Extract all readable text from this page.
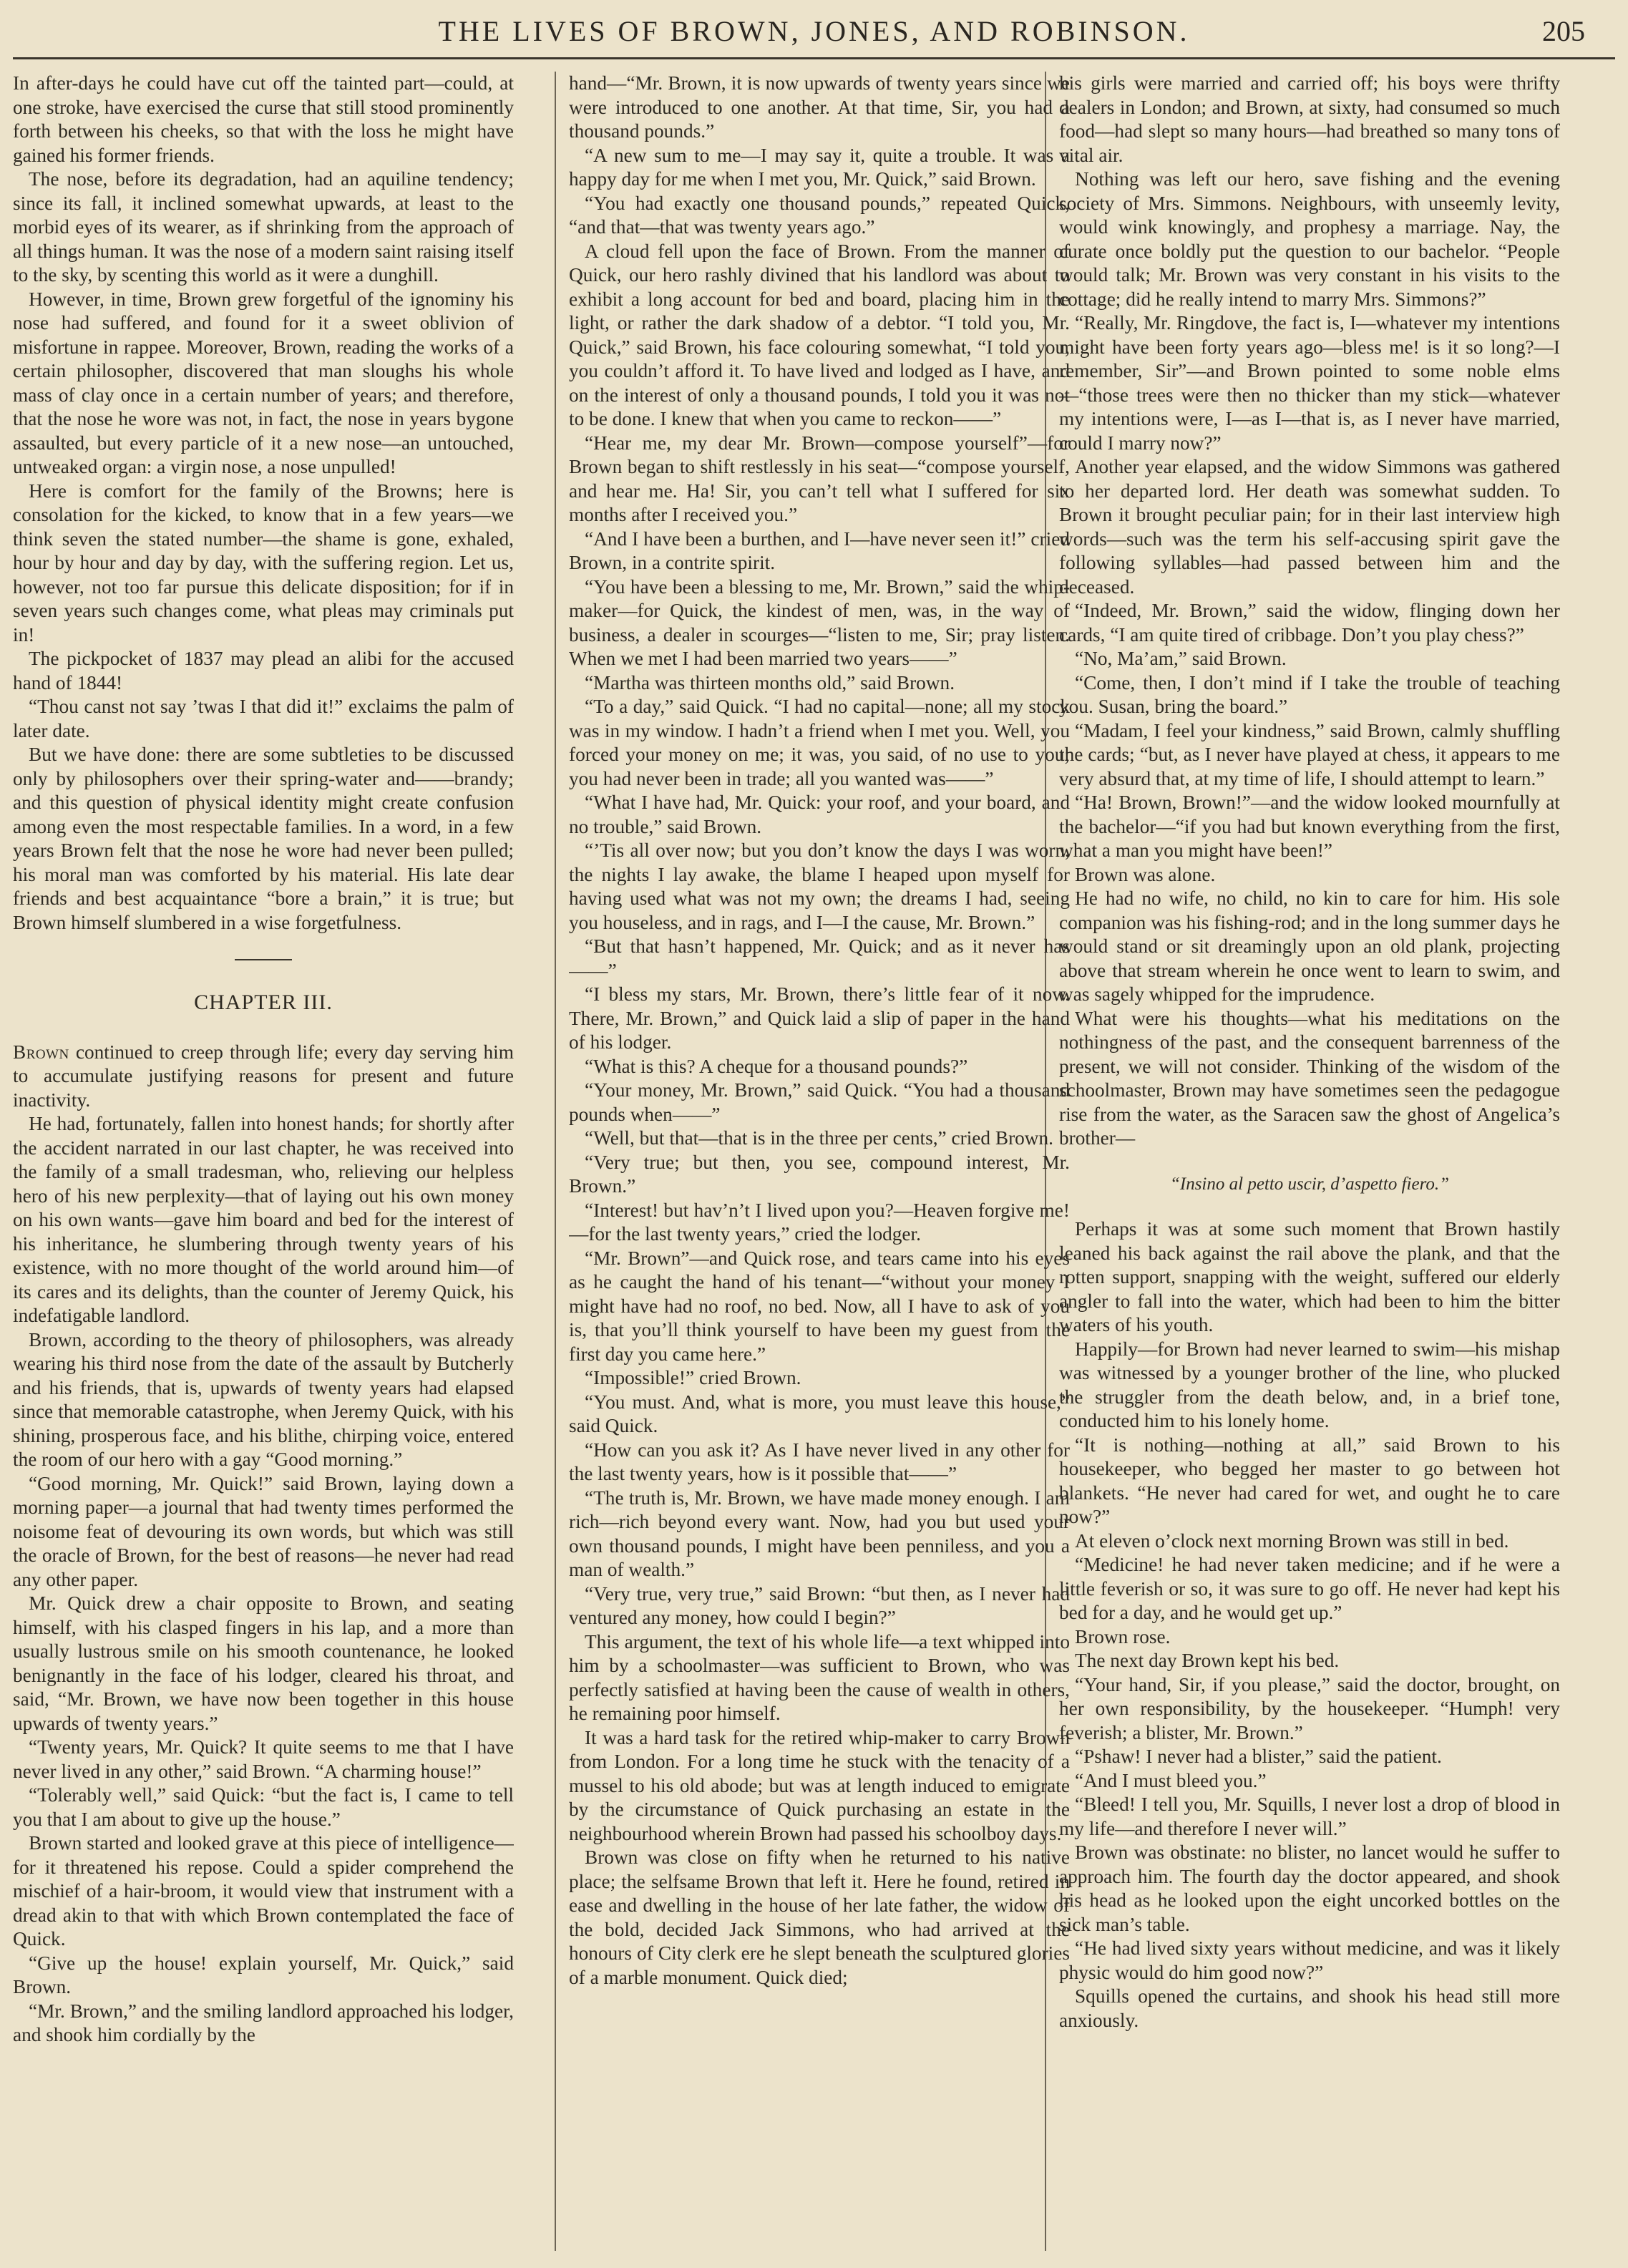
THE LIVES OF BROWN, JONES, AND ROBINSON.	205

In after-days he could have cut off the tainted part—could, at one stroke, have exercised the curse that still stood prominently forth between his cheeks, so that with the loss he might have gained his former friends.

The nose, before its degradation, had an aquiline tendency; since its fall, it inclined somewhat upwards, at least to the morbid eyes of its wearer, as if shrinking from the approach of all things human. It was the nose of a modern saint raising itself to the sky, by scenting this world as it were a dunghill.

However, in time, Brown grew forgetful of the ignominy his nose had suffered, and found for it a sweet oblivion of misfortune in rappee. Moreover, Brown, reading the works of a certain philosopher, discovered that man sloughs his whole mass of clay once in a certain number of years; and therefore, that the nose he wore was not, in fact, the nose in years bygone assaulted, but every particle of it a new nose—an untouched, untweaked organ: a virgin nose, a nose unpulled!

Here is comfort for the family of the Browns; here is consolation for the kicked, to know that in a few years—we think seven the stated number—the shame is gone, exhaled, hour by hour and day by day, with the suffering region. Let us, however, not too far pursue this delicate disposition; for if in seven years such changes come, what pleas may criminals put in!

The pickpocket of 1837 may plead an alibi for the accused hand of 1844!

“Thou canst not say ’twas I that did it!” exclaims the palm of later date.

But we have done: there are some subtleties to be discussed only by philosophers over their spring-water and——brandy; and this question of physical identity might create confusion among even the most respectable families. In a word, in a few years Brown felt that the nose he wore had never been pulled; his moral man was comforted by his material. His late dear friends and best acquaintance “bore a brain,” it is true; but Brown himself slumbered in a wise forgetfulness.

CHAPTER III.

Brown continued to creep through life; every day serving him to accumulate justifying reasons for present and future inactivity.

He had, fortunately, fallen into honest hands; for shortly after the accident narrated in our last chapter, he was received into the family of a small tradesman, who, relieving our helpless hero of his new perplexity—that of laying out his own money on his own wants—gave him board and bed for the interest of his inheritance, he slumbering through twenty years of his existence, with no more thought of the world around him—of its cares and its delights, than the counter of Jeremy Quick, his indefatigable landlord.

Brown, according to the theory of philosophers, was already wearing his third nose from the date of the assault by Butcherly and his friends, that is, upwards of twenty years had elapsed since that memorable catastrophe, when Jeremy Quick, with his shining, prosperous face, and his blithe, chirping voice, entered the room of our hero with a gay “Good morning.”

“Good morning, Mr. Quick!” said Brown, laying down a morning paper—a journal that had twenty times performed the noisome feat of devouring its own words, but which was still the oracle of Brown, for the best of reasons—he never had read any other paper.

Mr. Quick drew a chair opposite to Brown, and seating himself, with his clasped fingers in his lap, and a more than usually lustrous smile on his smooth countenance, he looked benignantly in the face of his lodger, cleared his throat, and said, “Mr. Brown, we have now been together in this house upwards of twenty years.”

“Twenty years, Mr. Quick? It quite seems to me that I have never lived in any other,” said Brown. “A charming house!”

“Tolerably well,” said Quick: “but the fact is, I came to tell you that I am about to give up the house.”

Brown started and looked grave at this piece of intelligence—for it threatened his repose. Could a spider comprehend the mischief of a hair-broom, it would view that instrument with a dread akin to that with which Brown contemplated the face of Quick.

“Give up the house! explain yourself, Mr. Quick,” said Brown.

“Mr. Brown,” and the smiling landlord approached his lodger, and shook him cordially by the

hand—“Mr. Brown, it is now upwards of twenty years since we were introduced to one another. At that time, Sir, you had a thousand pounds.”

“A new sum to me—I may say it, quite a trouble. It was a happy day for me when I met you, Mr. Quick,” said Brown.

“You had exactly one thousand pounds,” repeated Quick, “and that—that was twenty years ago.”

A cloud fell upon the face of Brown. From the manner of Quick, our hero rashly divined that his landlord was about to exhibit a long account for bed and board, placing him in the light, or rather the dark shadow of a debtor. “I told you, Mr. Quick,” said Brown, his face colouring somewhat, “I told you, you couldn’t afford it. To have lived and lodged as I have, and on the interest of only a thousand pounds, I told you it was not to be done. I knew that when you came to reckon——”

“Hear me, my dear Mr. Brown—compose yourself”—for Brown began to shift restlessly in his seat—“compose yourself, and hear me. Ha! Sir, you can’t tell what I suffered for six months after I received you.”

“And I have been a burthen, and I—have never seen it!” cried Brown, in a contrite spirit.

“You have been a blessing to me, Mr. Brown,” said the whip-maker—for Quick, the kindest of men, was, in the way of business, a dealer in scourges—“listen to me, Sir; pray listen. When we met I had been married two years——”

“Martha was thirteen months old,” said Brown.

“To a day,” said Quick. “I had no capital—none; all my stock was in my window. I hadn’t a friend when I met you. Well, you forced your money on me; it was, you said, of no use to you; you had never been in trade; all you wanted was——”

“What I have had, Mr. Quick: your roof, and your board, and no trouble,” said Brown.

“’Tis all over now; but you don’t know the days I was worn, the nights I lay awake, the blame I heaped upon myself for having used what was not my own; the dreams I had, seeing you houseless, and in rags, and I—I the cause, Mr. Brown.”

“But that hasn’t happened, Mr. Quick; and as it never has——”

“I bless my stars, Mr. Brown, there’s little fear of it now. There, Mr. Brown,” and Quick laid a slip of paper in the hand of his lodger.

“What is this? A cheque for a thousand pounds?”

“Your money, Mr. Brown,” said Quick. “You had a thousand pounds when——”

“Well, but that—that is in the three per cents,” cried Brown.

“Very true; but then, you see, compound interest, Mr. Brown.”

“Interest! but hav’n’t I lived upon you?—Heaven forgive me!—for the last twenty years,” cried the lodger.

“Mr. Brown”—and Quick rose, and tears came into his eyes as he caught the hand of his tenant—“without your money I might have had no roof, no bed. Now, all I have to ask of you is, that you’ll think yourself to have been my guest from the first day you came here.”

“Impossible!” cried Brown.

“You must. And, what is more, you must leave this house,” said Quick.

“How can you ask it? As I have never lived in any other for the last twenty years, how is it possible that——”

“The truth is, Mr. Brown, we have made money enough. I am rich—rich beyond every want. Now, had you but used your own thousand pounds, I might have been penniless, and you a man of wealth.”

“Very true, very true,” said Brown: “but then, as I never had ventured any money, how could I begin?”

This argument, the text of his whole life—a text whipped into him by a schoolmaster—was sufficient to Brown, who was perfectly satisfied at having been the cause of wealth in others, he remaining poor himself.

It was a hard task for the retired whip-maker to carry Brown from London. For a long time he stuck with the tenacity of a mussel to his old abode; but was at length induced to emigrate by the circumstance of Quick purchasing an estate in the neighbourhood wherein Brown had passed his schoolboy days.

Brown was close on fifty when he returned to his native place; the selfsame Brown that left it. Here he found, retired in ease and dwelling in the house of her late father, the widow of the bold, decided Jack Simmons, who had arrived at the honours of City clerk ere he slept beneath the sculptured glories of a marble monument. Quick died;

his girls were married and carried off; his boys were thrifty dealers in London; and Brown, at sixty, had consumed so much food—had slept so many hours—had breathed so many tons of vital air.

Nothing was left our hero, save fishing and the evening society of Mrs. Simmons. Neighbours, with unseemly levity, would wink knowingly, and prophesy a marriage. Nay, the curate once boldly put the question to our bachelor. “People would talk; Mr. Brown was very constant in his visits to the cottage; did he really intend to marry Mrs. Simmons?”

“Really, Mr. Ringdove, the fact is, I—whatever my intentions might have been forty years ago—bless me! is it so long?—I remember, Sir”—and Brown pointed to some noble elms—“those trees were then no thicker than my stick—whatever my intentions were, I—as I—that is, as I never have married, could I marry now?”

Another year elapsed, and the widow Simmons was gathered to her departed lord. Her death was somewhat sudden. To Brown it brought peculiar pain; for in their last interview high words—such was the term his self-accusing spirit gave the following syllables—had passed between him and the deceased.

“Indeed, Mr. Brown,” said the widow, flinging down her cards, “I am quite tired of cribbage. Don’t you play chess?”

“No, Ma’am,” said Brown.

“Come, then, I don’t mind if I take the trouble of teaching you. Susan, bring the board.”

“Madam, I feel your kindness,” said Brown, calmly shuffling the cards; “but, as I never have played at chess, it appears to me very absurd that, at my time of life, I should attempt to learn.”

“Ha! Brown, Brown!”—and the widow looked mournfully at the bachelor—“if you had but known everything from the first, what a man you might have been!”

Brown was alone.

He had no wife, no child, no kin to care for him. His sole companion was his fishing-rod; and in the long summer days he would stand or sit dreamingly upon an old plank, projecting above that stream wherein he once went to learn to swim, and was sagely whipped for the imprudence.

What were his thoughts—what his meditations on the nothingness of the past, and the consequent barrenness of the present, we will not consider. Thinking of the wisdom of the schoolmaster, Brown may have sometimes seen the pedagogue rise from the water, as the Saracen saw the ghost of Angelica’s brother—

“Insino al petto uscir, d’aspetto fiero.”

Perhaps it was at some such moment that Brown hastily leaned his back against the rail above the plank, and that the rotten support, snapping with the weight, suffered our elderly angler to fall into the water, which had been to him the bitter waters of his youth.

Happily—for Brown had never learned to swim—his mishap was witnessed by a younger brother of the line, who plucked the struggler from the death below, and, in a brief tone, conducted him to his lonely home.

“It is nothing—nothing at all,” said Brown to his housekeeper, who begged her master to go between hot blankets. “He never had cared for wet, and ought he to care now?”

At eleven o’clock next morning Brown was still in bed.

“Medicine! he had never taken medicine; and if he were a little feverish or so, it was sure to go off. He never had kept his bed for a day, and he would get up.”

Brown rose.

The next day Brown kept his bed.

“Your hand, Sir, if you please,” said the doctor, brought, on her own responsibility, by the housekeeper. “Humph! very feverish; a blister, Mr. Brown.”

“Pshaw! I never had a blister,” said the patient.

“And I must bleed you.”

“Bleed! I tell you, Mr. Squills, I never lost a drop of blood in my life—and therefore I never will.”

Brown was obstinate: no blister, no lancet would he suffer to approach him. The fourth day the doctor appeared, and shook his head as he looked upon the eight uncorked bottles on the sick man’s table.

“He had lived sixty years without medicine, and was it likely physic would do him good now?”

Squills opened the curtains, and shook his head still more anxiously.
